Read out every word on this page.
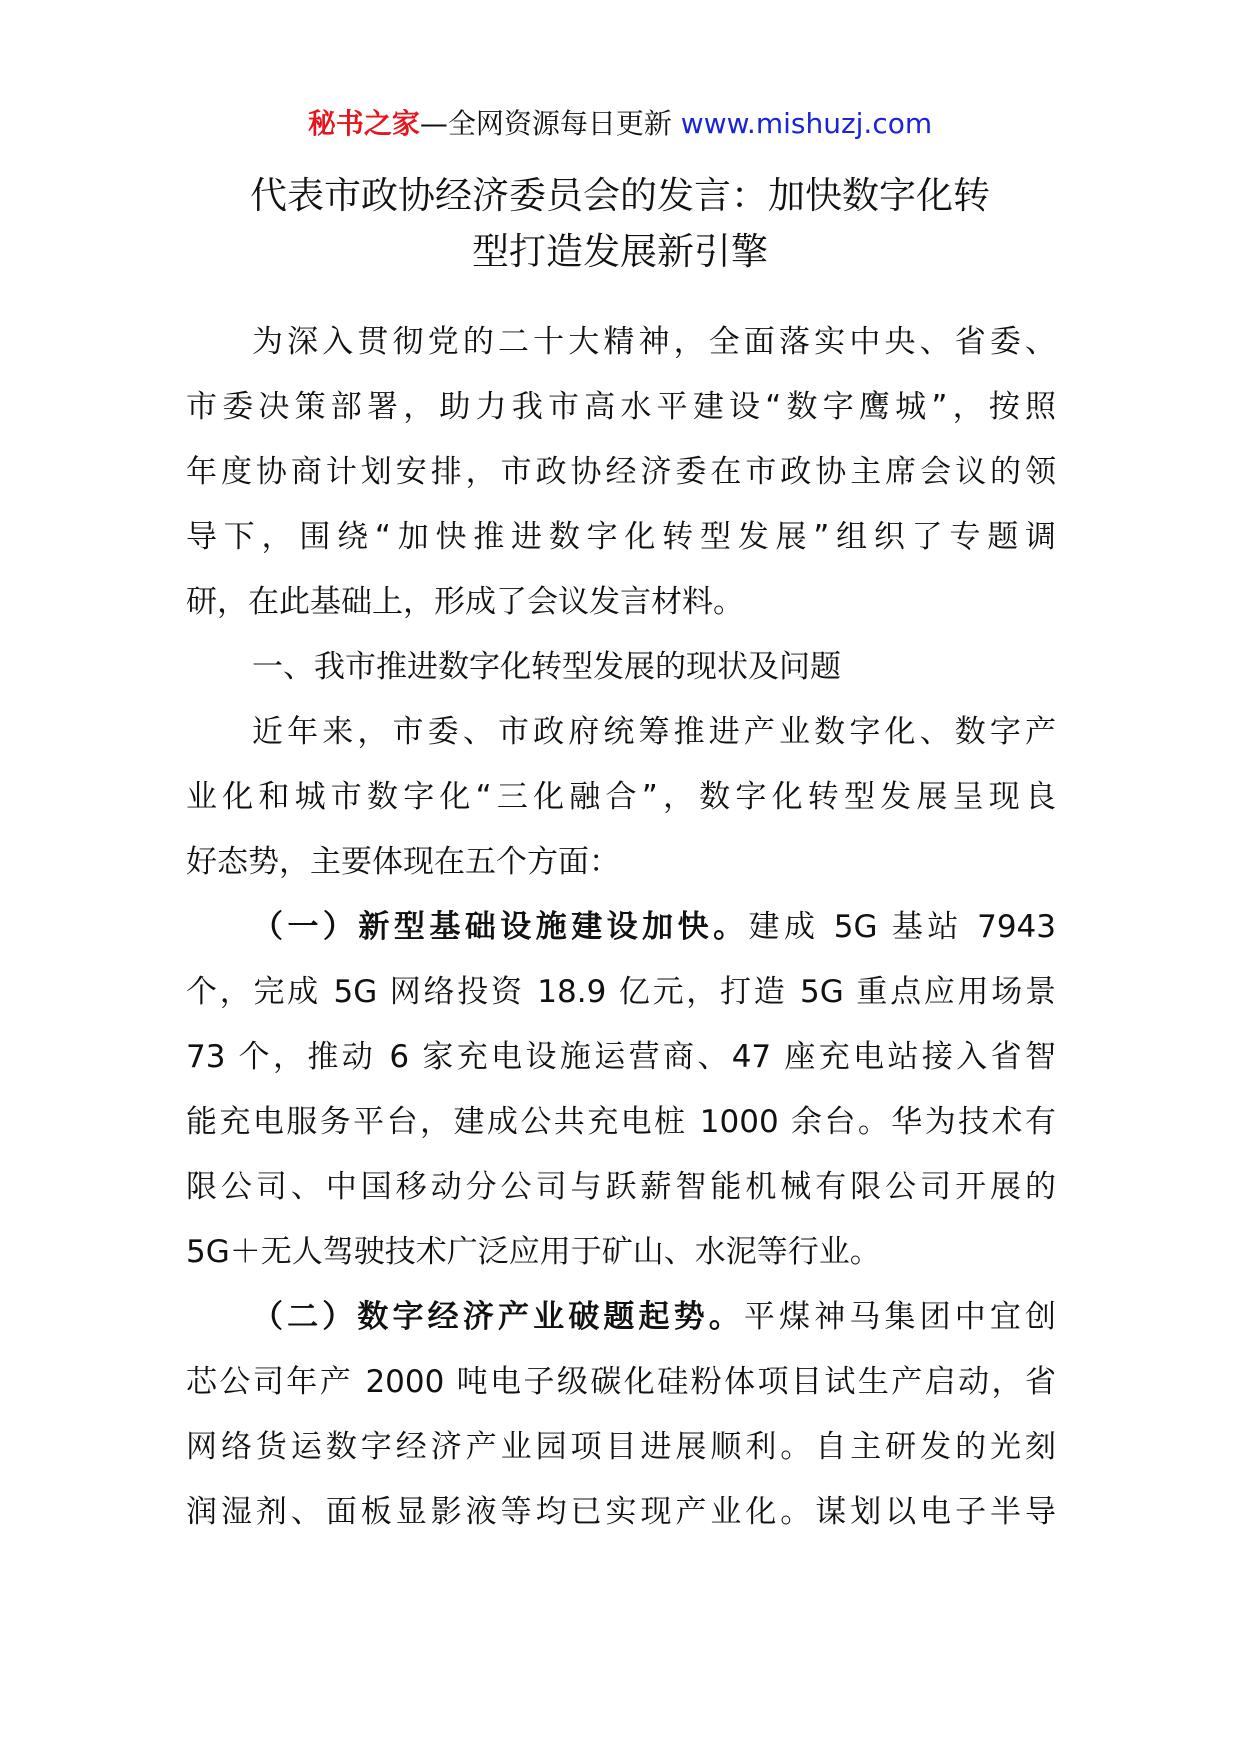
秘书之家—全网资源每日更新 www.mishuzj.com
代表市政协经济委员会的发言：加快数字化转
型打造发展新引擎
为深入贯彻党的二十大精神，全面落实中央、省委、
市委决策部署，助力我市高水平建设“数字鹰城”，按照
年度协商计划安排，市政协经济委在市政协主席会议的领
导下，围绕“加快推进数字化转型发展”组织了专题调
研，在此基础上，形成了会议发言材料。
一、我市推进数字化转型发展的现状及问题
近年来，市委、市政府统筹推进产业数字化、数字产
业化和城市数字化“三化融合”，数字化转型发展呈现良
好态势，主要体现在五个方面：
（一）新型基础设施建设加快。建成 5G 基站 7943
个，完成 5G 网络投资 18.9 亿元，打造 5G 重点应用场景
73 个，推动 6 家充电设施运营商、47 座充电站接入省智
能充电服务平台，建成公共充电桩 1000 余台。华为技术有
限公司、中国移动分公司与跃薪智能机械有限公司开展的
5G＋无人驾驶技术广泛应用于矿山、水泥等行业。
（二）数字经济产业破题起势。平煤神马集团中宜创
芯公司年产 2000 吨电子级碳化硅粉体项目试生产启动，省
网络货运数字经济产业园项目进展顺利。自主研发的光刻
润湿剂、面板显影液等均已实现产业化。谋划以电子半导
